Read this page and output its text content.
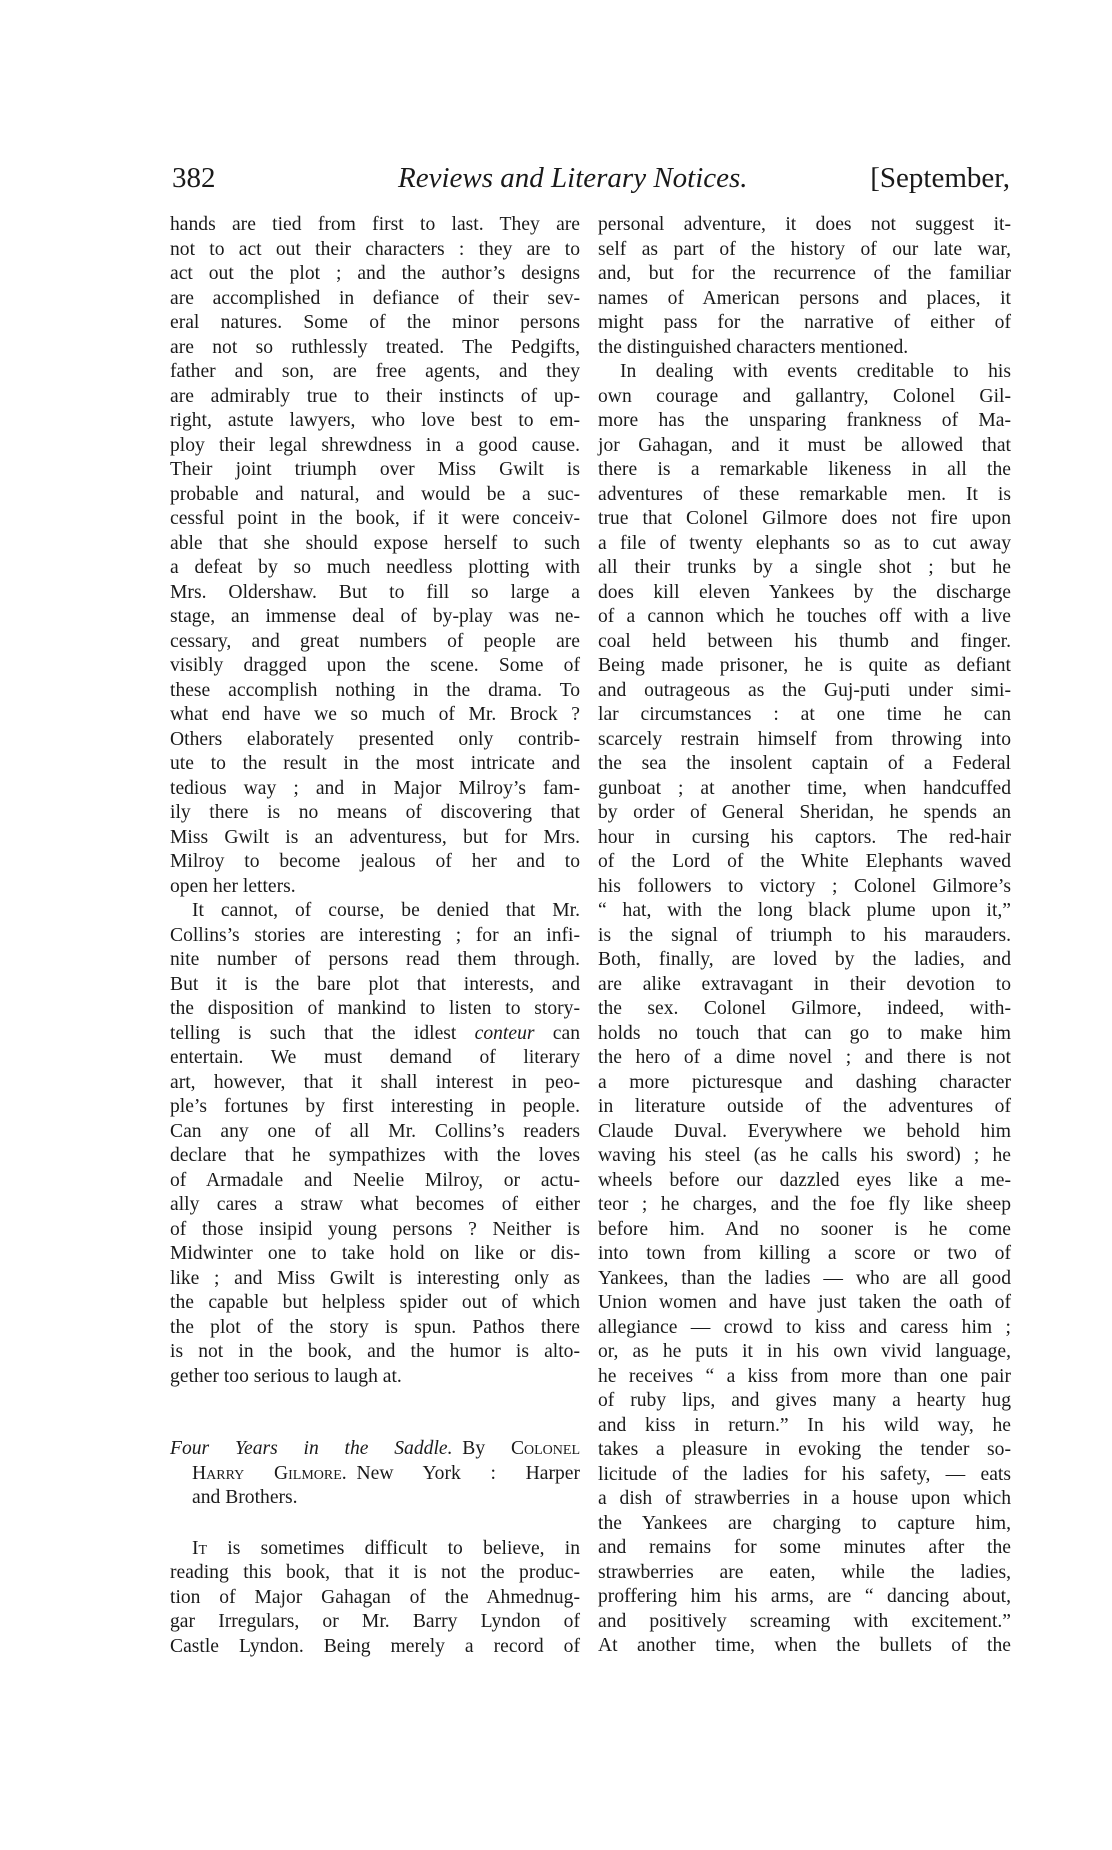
382	Reviews and Literary Notices.	[September,
hands are tied from first to last. They are
not to act out their characters : they are to
act out the plot ; and the author’s designs
are accomplished in defiance of their sev-
eral natures. Some of the minor persons
are not so ruthlessly treated. The Pedgifts,
father and son, are free agents, and they
are admirably true to their instincts of up-
right, astute lawyers, who love best to em-
ploy their legal shrewdness in a good cause.
Their joint triumph over Miss Gwilt is
probable and natural, and would be a suc-
cessful point in the book, if it were conceiv-
able that she should expose herself to such
a defeat by so much needless plotting with
Mrs. Oldershaw. But to fill so large a
stage, an immense deal of by-play was ne-
cessary, and great numbers of people are
visibly dragged upon the scene. Some of
these accomplish nothing in the drama. To
what end have we so much of Mr. Brock ?
Others elaborately presented only contrib-
ute to the result in the most intricate and
tedious way ; and in Major Milroy’s fam-
ily there is no means of discovering that
Miss Gwilt is an adventuress, but for Mrs.
Milroy to become jealous of her and to
open her letters.
It cannot, of course, be denied that Mr.
Collins’s stories are interesting ; for an infi-
nite number of persons read them through.
But it is the bare plot that interests, and
the disposition of mankind to listen to story-
telling is such that the idlest conteur can
entertain. We must demand of literary
art, however, that it shall interest in peo-
ple’s fortunes by first interesting in people.
Can any one of all Mr. Collins’s readers
declare that he sympathizes with the loves
of Armadale and Neelie Milroy, or actu-
ally cares a straw what becomes of either
of those insipid young persons ? Neither is
Midwinter one to take hold on like or dis-
like ; and Miss Gwilt is interesting only as
the capable but helpless spider out of which
the plot of the story is spun. Pathos there
is not in the book, and the humor is alto-
gether too serious to laugh at.
Four Years in the Saddle.  By Colonel
Harry Gilmore.  New York : Harper
and Brothers.
It is sometimes difficult to believe, in
reading this book, that it is not the produc-
tion of Major Gahagan of the Ahmednug-
gar Irregulars, or Mr. Barry Lyndon of
Castle Lyndon. Being merely a record of
personal adventure, it does not suggest it-
self as part of the history of our late war,
and, but for the recurrence of the familiar
names of American persons and places, it
might pass for the narrative of either of
the distinguished characters mentioned.
In dealing with events creditable to his
own courage and gallantry, Colonel Gil-
more has the unsparing frankness of Ma-
jor Gahagan, and it must be allowed that
there is a remarkable likeness in all the
adventures of these remarkable men. It is
true that Colonel Gilmore does not fire upon
a file of twenty elephants so as to cut away
all their trunks by a single shot ; but he
does kill eleven Yankees by the discharge
of a cannon which he touches off with a live
coal held between his thumb and finger.
Being made prisoner, he is quite as defiant
and outrageous as the Guj-puti under simi-
lar circumstances : at one time he can
scarcely restrain himself from throwing into
the sea the insolent captain of a Federal
gunboat ; at another time, when handcuffed
by order of General Sheridan, he spends an
hour in cursing his captors. The red-hair
of the Lord of the White Elephants waved
his followers to victory ; Colonel Gilmore’s
“ hat, with the long black plume upon it,”
is the signal of triumph to his marauders.
Both, finally, are loved by the ladies, and
are alike extravagant in their devotion to
the sex. Colonel Gilmore, indeed, with-
holds no touch that can go to make him
the hero of a dime novel ; and there is not
a more picturesque and dashing character
in literature outside of the adventures of
Claude Duval. Everywhere we behold him
waving his steel (as he calls his sword) ; he
wheels before our dazzled eyes like a me-
teor ; he charges, and the foe fly like sheep
before him. And no sooner is he come
into town from killing a score or two of
Yankees, than the ladies — who are all good
Union women and have just taken the oath of
allegiance — crowd to kiss and caress him ;
or, as he puts it in his own vivid language,
he receives “ a kiss from more than one pair
of ruby lips, and gives many a hearty hug
and kiss in return.” In his wild way, he
takes a pleasure in evoking the tender so-
licitude of the ladies for his safety, — eats
a dish of strawberries in a house upon which
the Yankees are charging to capture him,
and remains for some minutes after the
strawberries are eaten, while the ladies,
proffering him his arms, are “ dancing about,
and positively screaming with excitement.”
At another time, when the bullets of the
